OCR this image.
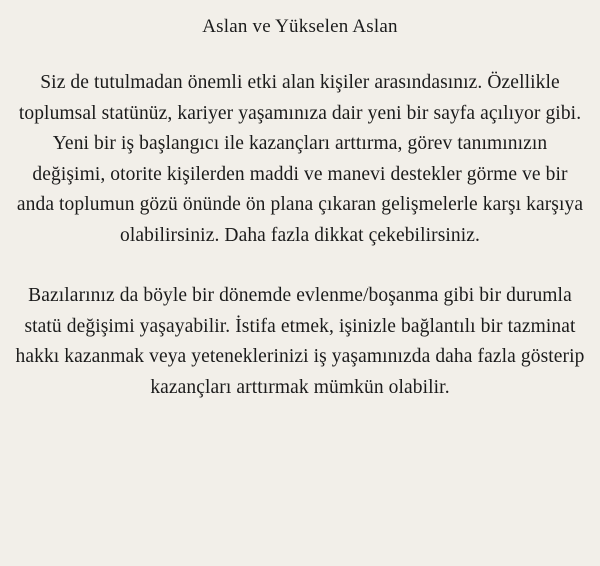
Aslan ve Yükselen Aslan

Siz de tutulmadan önemli etki alan kişiler arasındasınız. Özellikle toplumsal statünüz, kariyer yaşamınıza dair yeni bir sayfa açılıyor gibi. Yeni bir iş başlangıcı ile kazançları arttırma, görev tanımınızın değişimi, otorite kişilerden maddi ve manevi destekler görme ve bir anda toplumun gözü önünde ön plana çıkaran gelişmelerle karşı karşıya olabilirsiniz. Daha fazla dikkat çekebilirsiniz.

Bazılarınız da böyle bir dönemde evlenme/boşanma gibi bir durumla statü değişimi yaşayabilir. İstifa etmek, işinizle bağlantılı bir tazminat hakkı kazanmak veya yeteneklerinizi iş yaşamınızda daha fazla gösterip kazançları arttırmak mümkün olabilir.
